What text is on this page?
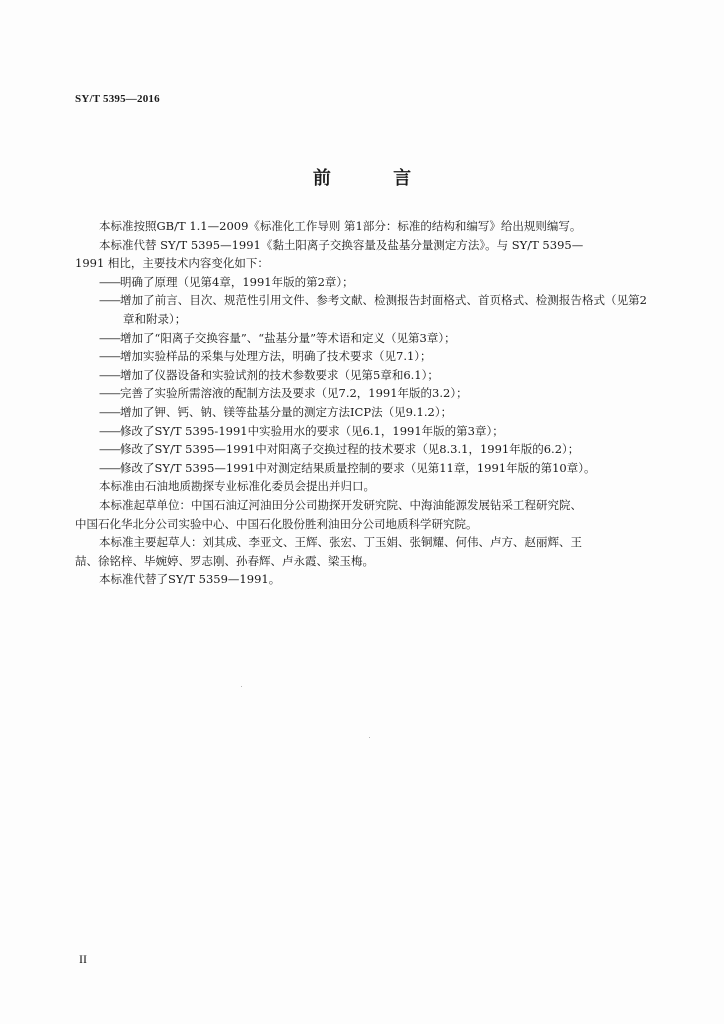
SY/T 5395—2016
前 言

本标准按照GB/T 1.1—2009《标准化工作导则 第1部分：标准的结构和编写》给出规则编写。

本标准代替 SY/T 5395—1991《黏土阳离子交换容量及盐基分量测定方法》。与 SY/T 5395—

1991 相比，主要技术内容变化如下：

——明确了原理（见第4章，1991年版的第2章）；

——增加了前言、目次、规范性引用文件、参考文献、检测报告封面格式、首页格式、检测报告格式（见第2章和附录）；

——增加了“阳离子交换容量”、“盐基分量”等术语和定义（见第3章）；

——增加实验样品的采集与处理方法，明确了技术要求（见7.1）；

——增加了仪器设备和实验试剂的技术参数要求（见第5章和6.1）；

——完善了实验所需溶液的配制方法及要求（见7.2，1991年版的3.2）；

——增加了钾、钙、钠、镁等盐基分量的测定方法ICP法（见9.1.2）；

——修改了SY/T 5395-1991中实验用水的要求（见6.1，1991年版的第3章）；

——修改了SY/T 5395—1991中对阳离子交换过程的技术要求（见8.3.1，1991年版的6.2）；

——修改了SY/T 5395—1991中对测定结果质量控制的要求（见第11章，1991年版的第10章）。

本标准由石油地质勘探专业标准化委员会提出并归口。

本标准起草单位：中国石油辽河油田分公司勘探开发研究院、中海油能源发展钻采工程研究院、

中国石化华北分公司实验中心、中国石化股份胜利油田分公司地质科学研究院。

本标准主要起草人：刘其成、李亚文、王辉、张宏、丁玉娟、张铜耀、何伟、卢方、赵丽辉、王

喆、徐铭梓、毕婉婷、罗志刚、孙春辉、卢永霞、梁玉梅。

本标准代替了SY/T 5359—1991。

II
